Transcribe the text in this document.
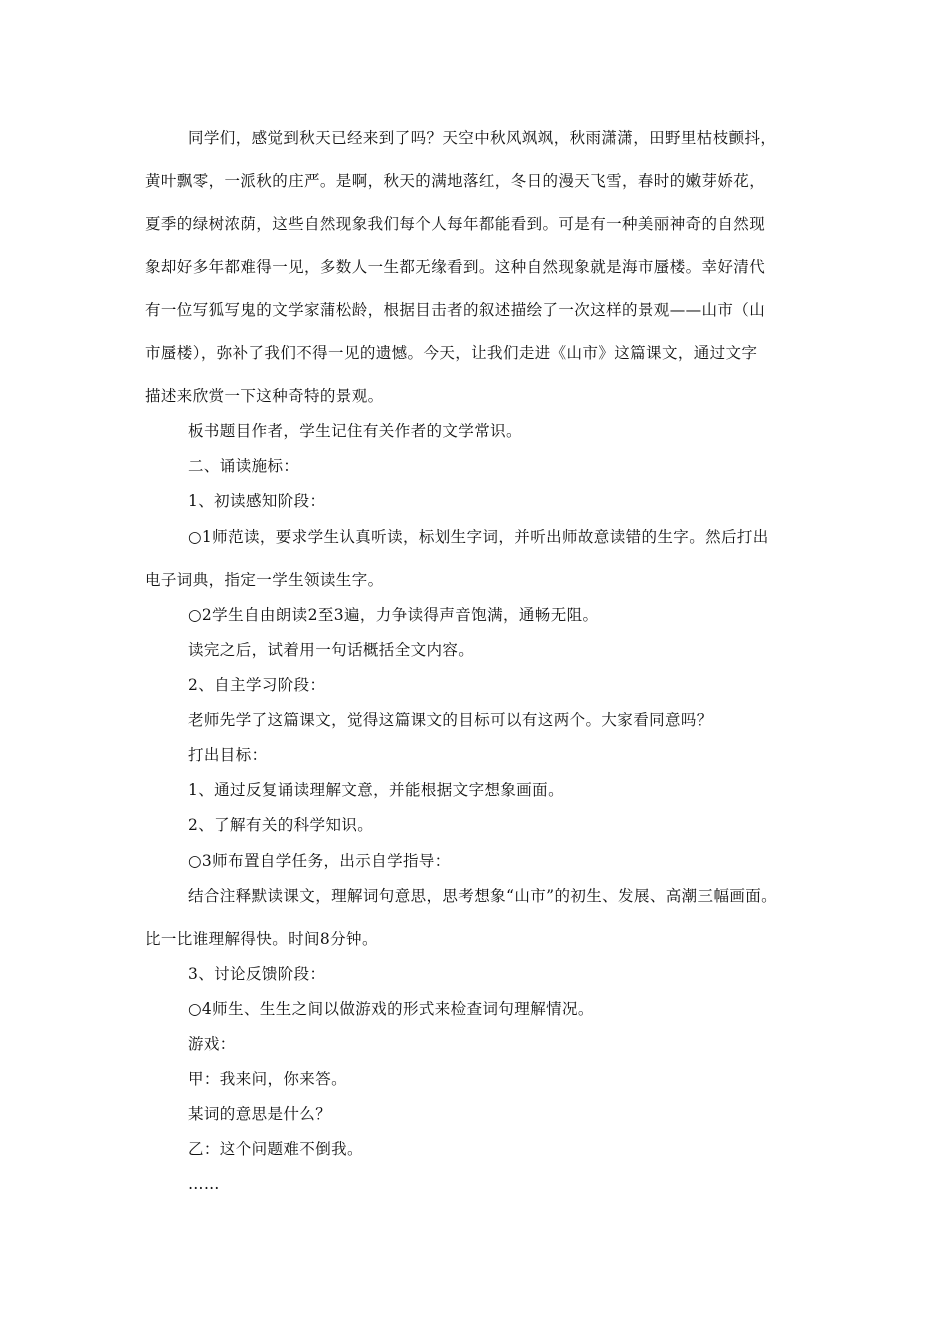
同学们，感觉到秋天已经来到了吗？天空中秋风飒飒，秋雨潇潇，田野里枯枝颤抖，
黄叶飘零，一派秋的庄严。是啊，秋天的满地落红，冬日的漫天飞雪，春时的嫩芽娇花，
夏季的绿树浓荫，这些自然现象我们每个人每年都能看到。可是有一种美丽神奇的自然现
象却好多年都难得一见，多数人一生都无缘看到。这种自然现象就是海市蜃楼。幸好清代
有一位写狐写鬼的文学家蒲松龄，根据目击者的叙述描绘了一次这样的景观——山市（山
市蜃楼），弥补了我们不得一见的遗憾。今天，让我们走进《山市》这篇课文，通过文字
描述来欣赏一下这种奇特的景观。
板书题目作者，学生记住有关作者的文学常识。
二、诵读施标：
1、初读感知阶段：
○1师范读，要求学生认真听读，标划生字词，并听出师故意读错的生字。然后打出
电子词典，指定一学生领读生字。
○2学生自由朗读2至3遍，力争读得声音饱满，通畅无阻。
读完之后，试着用一句话概括全文内容。
2、自主学习阶段：
老师先学了这篇课文，觉得这篇课文的目标可以有这两个。大家看同意吗？
打出目标：
1、通过反复诵读理解文意，并能根据文字想象画面。
2、了解有关的科学知识。
○3师布置自学任务，出示自学指导：
结合注释默读课文，理解词句意思，思考想象“山市”的初生、发展、高潮三幅画面。
比一比谁理解得快。时间8分钟。
3、讨论反馈阶段：
○4师生、生生之间以做游戏的形式来检查词句理解情况。
游戏：
甲：我来问，你来答。
某词的意思是什么？
乙：这个问题难不倒我。
……
